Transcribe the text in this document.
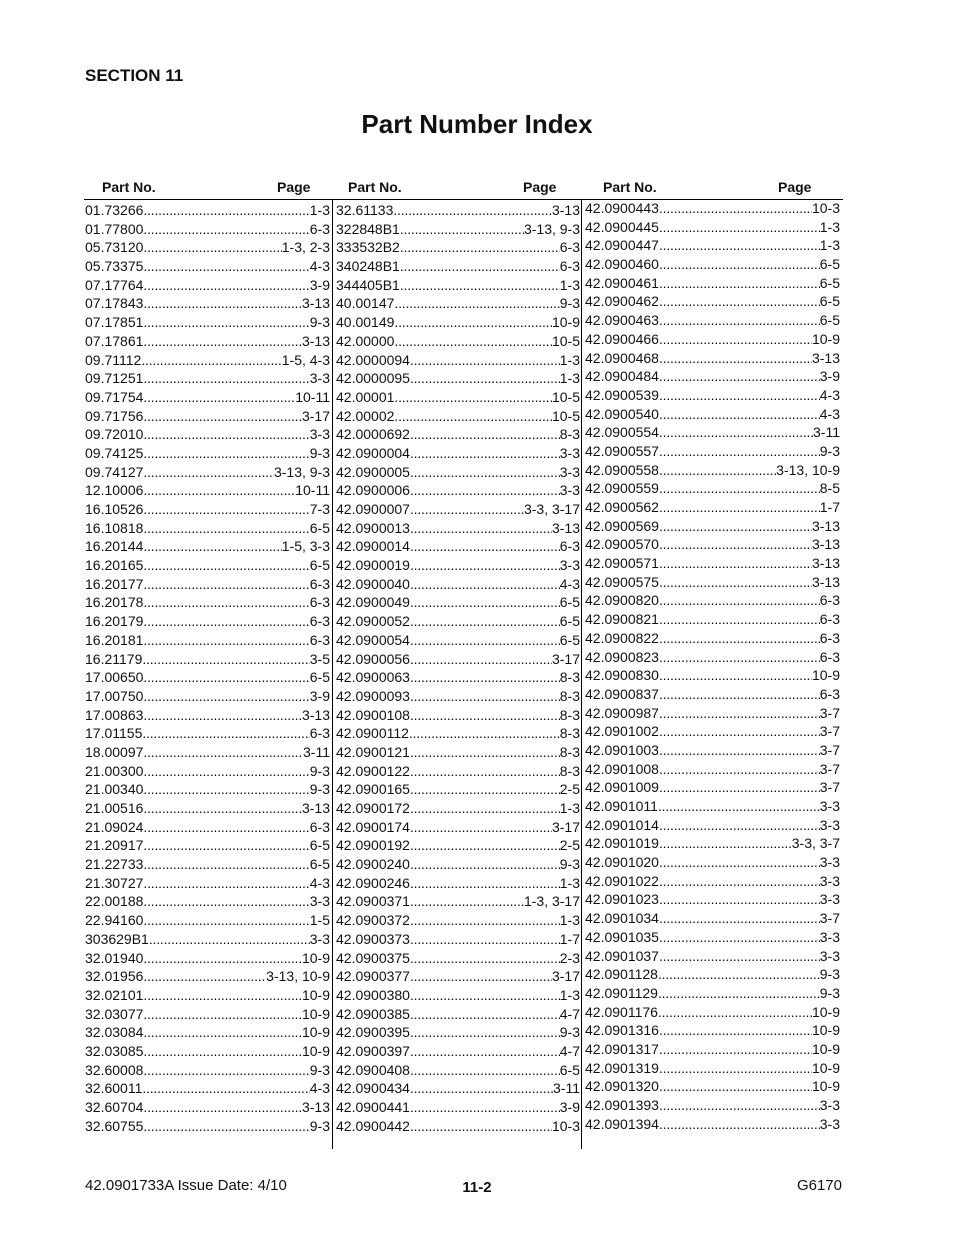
SECTION 11
Part Number Index
Part No.	Page	Part No.	Page	Part No.	Page
01.73266 .....	1-3
01.77800 .....	6-3
05.73120 .....	1-3, 2-3
05.73375 .....	4-3
07.17764 .....	3-9
07.17843 .....	3-13
07.17851 .....	9-3
07.17861 .....	3-13
09.71112 .....	1-5, 4-3
09.71251 .....	3-3
09.71754 .....	10-11
09.71756 .....	3-17
09.72010 .....	3-3
09.74125 .....	9-3
09.74127 .....	3-13, 9-3
12.10006 .....	10-11
16.10526 .....	7-3
16.10818 .....	6-5
16.20144 .....	1-5, 3-3
16.20165 .....	6-5
16.20177 .....	6-3
16.20178 .....	6-3
16.20179 .....	6-3
16.20181 .....	6-3
16.21179 .....	3-5
17.00650 .....	6-5
17.00750 .....	3-9
17.00863 .....	3-13
17.01155 .....	6-3
18.00097 .....	3-11
21.00300 .....	9-3
21.00340 .....	9-3
21.00516 .....	3-13
21.09024 .....	6-3
21.20917 .....	6-5
21.22733 .....	6-5
21.30727 .....	4-3
22.00188 .....	3-3
22.94160 .....	1-5
303629B1 .....	3-3
32.01940 .....	10-9
32.01956 .....	3-13, 10-9
32.02101 .....	10-9
32.03077 .....	10-9
32.03084 .....	10-9
32.03085 .....	10-9
32.60008 .....	9-3
32.60011 .....	4-3
32.60704 .....	3-13
32.60755 .....	9-3
32.61133 .....	3-13
322848B1 .....	3-13, 9-3
333532B2 .....	6-3
340248B1 .....	6-3
344405B1 .....	1-3
40.00147 .....	9-3
40.00149 .....	10-9
42.00000 .....	10-5
42.0000094 .....	1-3
42.0000095 .....	1-3
42.00001 .....	10-5
42.00002 .....	10-5
42.0000692 .....	8-3
42.0900004 .....	3-3
42.0900005 .....	3-3
42.0900006 .....	3-3
42.0900007 .....	3-3, 3-17
42.0900013 .....	3-13
42.0900014 .....	6-3
42.0900019 .....	3-3
42.0900040 .....	4-3
42.0900049 .....	6-5
42.0900052 .....	6-5
42.0900054 .....	6-5
42.0900056 .....	3-17
42.0900063 .....	8-3
42.0900093 .....	8-3
42.0900108 .....	8-3
42.0900112 .....	8-3
42.0900121 .....	8-3
42.0900122 .....	8-3
42.0900165 .....	2-5
42.0900172 .....	1-3
42.0900174 .....	3-17
42.0900192 .....	2-5
42.0900240 .....	9-3
42.0900246 .....	1-3
42.0900371 .....	1-3, 3-17
42.0900372 .....	1-3
42.0900373 .....	1-7
42.0900375 .....	2-3
42.0900377 .....	3-17
42.0900380 .....	1-3
42.0900385 .....	4-7
42.0900395 .....	9-3
42.0900397 .....	4-7
42.0900408 .....	6-5
42.0900434 .....	3-11
42.0900441 .....	3-9
42.0900442 .....	10-3
42.0900443 .....	10-3
42.0900445 .....	1-3
42.0900447 .....	1-3
42.0900460 .....	6-5
42.0900461 .....	6-5
42.0900462 .....	6-5
42.0900463 .....	6-5
42.0900466 .....	10-9
42.0900468 .....	3-13
42.0900484 .....	3-9
42.0900539 .....	4-3
42.0900540 .....	4-3
42.0900554 .....	3-11
42.0900557 .....	9-3
42.0900558 .....	3-13, 10-9
42.0900559 .....	8-5
42.0900562 .....	1-7
42.0900569 .....	3-13
42.0900570 .....	3-13
42.0900571 .....	3-13
42.0900575 .....	3-13
42.0900820 .....	6-3
42.0900821 .....	6-3
42.0900822 .....	6-3
42.0900823 .....	6-3
42.0900830 .....	10-9
42.0900837 .....	6-3
42.0900987 .....	3-7
42.0901002 .....	3-7
42.0901003 .....	3-7
42.0901008 .....	3-7
42.0901009 .....	3-7
42.0901011 .....	3-3
42.0901014 .....	3-3
42.0901019 .....	3-3, 3-7
42.0901020 .....	3-3
42.0901022 .....	3-3
42.0901023 .....	3-3
42.0901034 .....	3-7
42.0901035 .....	3-3
42.0901037 .....	3-3
42.0901128 .....	9-3
42.0901129 .....	9-3
42.0901176 .....	10-9
42.0901316 .....	10-9
42.0901317 .....	10-9
42.0901319 .....	10-9
42.0901320 .....	10-9
42.0901393 .....	3-3
42.0901394 .....	3-3
42.0901733A Issue Date: 4/10	11-2	G6170
